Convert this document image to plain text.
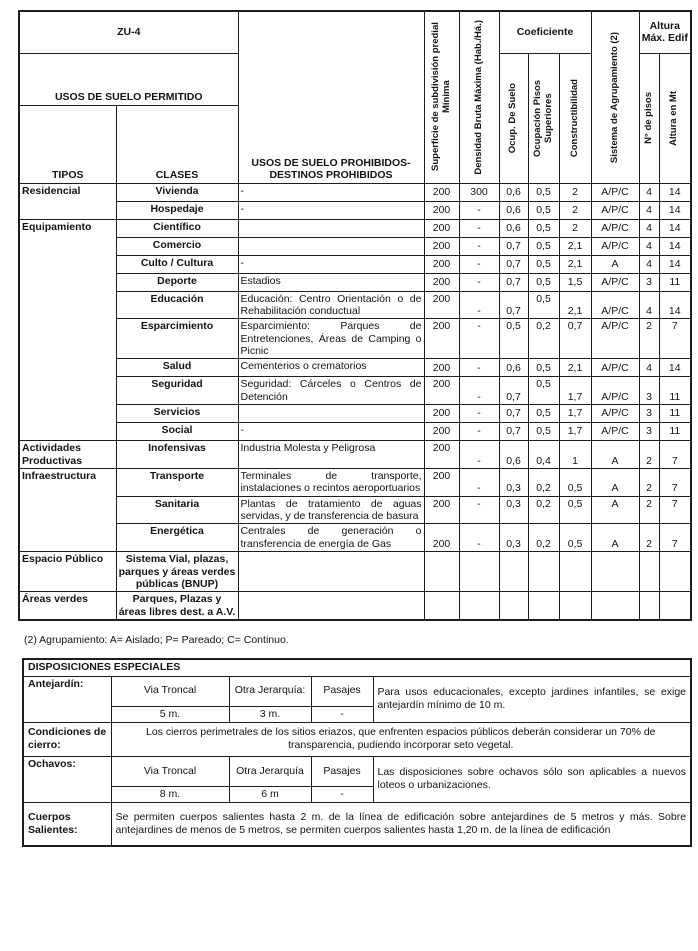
ZU-4		USOS DE SUELO PROHIBIDOS-DESTINOS PROHIBIDOS	Superficie de subdivisión predial Mínima	Densidad Bruta Máxima (Hab./Há.)	Coeficiente			Sistema de Agrupamiento (2)	Altura Máx. Edif	
USOS DE SUELO PERMITIDO					Ocup. De Suelo	Ocupación Pisos Superiores	Constructibilidad		N° de pisos	Altura en Mt

TIPOS	CLASES									
Residencial	Vivienda	-	200	300	0,6	0,5	2	A/P/C	4	14
	Hospedaje	-	200	-	0,6	0,5	2	A/P/C	4	14
Equipamiento	Científico		200	-	0,6	0,5	2	A/P/C	4	14
	Comercio		200	-	0,7	0,5	2,1	A/P/C	4	14
	Culto / Cultura	-	200	-	0,7	0,5	2,1	A	4	14
	Deporte	Estadios	200	-	0,7	0,5	1,5	A/P/C	3	11
	Educación	Educación: Centro Orientación o de Rehabilitación conductual	200	-	0,7	0,5	2,1	A/P/C	4	14
	Esparcimiento	Esparcimiento: Parques de Entretenciones, Áreas de Camping o Picnic	200	-	0,5	0,2	0,7	A/P/C	2	7
	Salud	Cementerios o crematorios	200	-	0,6	0,5	2,1	A/P/C	4	14
	Seguridad	Seguridad: Cárceles o Centros de Detención	200	-	0,7	0,5	1,7	A/P/C	3	11
	Servicios		200	-	0,7	0,5	1,7	A/P/C	3	11
	Social	-	200	-	0,7	0,5	1,7	A/P/C	3	11
Actividades Productivas	Inofensivas	Industria Molesta y Peligrosa	200	-	0,6	0,4	1	A	2	7
Infraestructura	Transporte	Terminales de transporte, instalaciones o recintos aeroportuarios	200	-	0,3	0,2	0,5	A	2	7
	Sanitaria	Plantas de tratamiento de aguas servidas, y de transferencia de basura	200	-	0,3	0,2	0,5	A	2	7
	Energética	Centrales de generación o transferencia de energía de Gas	200	-	0,3	0,2	0,5	A	2	7
Espacio Público	Sistema Vial, plazas, parques y áreas verdes públicas (BNUP)									
Áreas verdes	Parques, Plazas y áreas libres dest. a A.V.									

(2) Agrupamiento: A= Aislado; P= Pareado; C= Continuo.

DISPOSICIONES ESPECIALES				
Antejardín:	Via Troncal	Otra Jerarquía:	Pasajes	Para usos educacionales, excepto jardines infantiles, se exige antejardín mínimo de 10 m.
	5 m.	3 m.	-	
Condiciones de cierro:	Los cierros perimetrales de los sitios eriazos, que enfrenten espacios públicos deberán considerar un 70% de transparencia, pudiendo incorporar seto vegetal.			
Ochavos:	Via Troncal	Otra Jerarquía	Pasajes	Las disposiciones sobre ochavos sólo son aplicables a nuevos loteos o urbanizaciones.
	8 m.	6 m	-	
Cuerpos Salientes:	Se permiten cuerpos salientes hasta 2 m. de la línea de edificación sobre antejardines de 5 metros y más. Sobre antejardines de menos de 5 metros, se permiten cuerpos salientes hasta 1,20 m. de la línea de edificación			
